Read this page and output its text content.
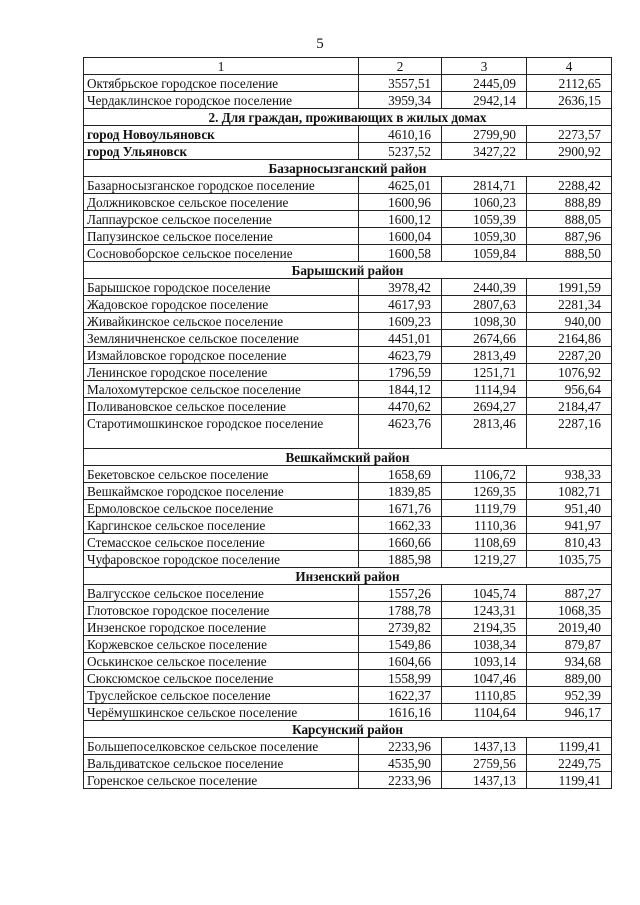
5
1	2	3	4
Октябрьское городское поселение	3557,51	2445,09	2112,65
Чердаклинское городское поселение	3959,34	2942,14	2636,15
2. Для граждан, проживающих в жилых домах			
город Новоульяновск	4610,16	2799,90	2273,57
город Ульяновск	5237,52	3427,22	2900,92
Базарносызганский район			
Базарносызганское городское поселение	4625,01	2814,71	2288,42
Должниковское сельское поселение	1600,96	1060,23	888,89
Лаппаурское сельское поселение	1600,12	1059,39	888,05
Папузинское сельское поселение	1600,04	1059,30	887,96
Сосновоборское сельское поселение	1600,58	1059,84	888,50
Барышский район			
Барышское городское поселение	3978,42	2440,39	1991,59
Жадовское городское поселение	4617,93	2807,63	2281,34
Живайкинское сельское поселение	1609,23	1098,30	940,00
Земляничненское сельское поселение	4451,01	2674,66	2164,86
Измайловское городское поселение	4623,79	2813,49	2287,20
Ленинское городское поселение	1796,59	1251,71	1076,92
Малохомутерское сельское поселение	1844,12	1114,94	956,64
Поливановское сельское поселение	4470,62	2694,27	2184,47
Старотимошкинское городское поселение	4623,76	2813,46	2287,16
Вешкаймский район			
Бекетовское сельское поселение	1658,69	1106,72	938,33
Вешкаймское городское поселение	1839,85	1269,35	1082,71
Ермоловское сельское поселение	1671,76	1119,79	951,40
Каргинское сельское поселение	1662,33	1110,36	941,97
Стемасское сельское поселение	1660,66	1108,69	810,43
Чуфаровское городское поселение	1885,98	1219,27	1035,75
Инзенский район			
Валгусское сельское поселение	1557,26	1045,74	887,27
Глотовское городское поселение	1788,78	1243,31	1068,35
Инзенское городское поселение	2739,82	2194,35	2019,40
Коржевское сельское поселение	1549,86	1038,34	879,87
Оськинское сельское поселение	1604,66	1093,14	934,68
Сюксюмское сельское поселение	1558,99	1047,46	889,00
Труслейское сельское поселение	1622,37	1110,85	952,39
Черёмушкинское сельское поселение	1616,16	1104,64	946,17
Карсунский район			
Большепоселковское сельское поселение	2233,96	1437,13	1199,41
Вальдиватское сельское поселение	4535,90	2759,56	2249,75
Горенское сельское поселение	2233,96	1437,13	1199,41
